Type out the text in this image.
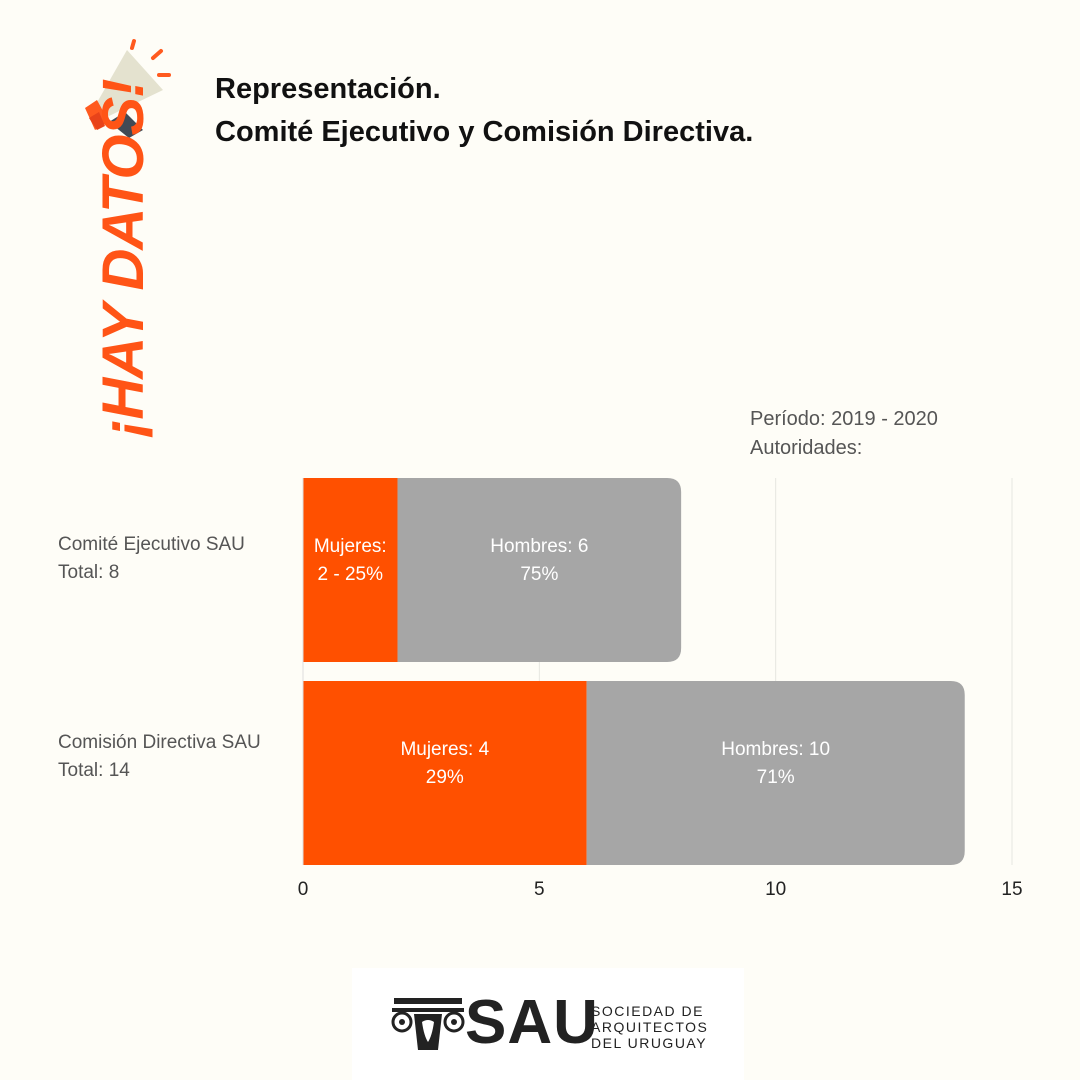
Representación.
Comité Ejecutivo y Comisión Directiva.
¡HAY DATOS!	Período: 2019 - 2020
Autoridades:
Comité Ejecutivo SAU
Total: 8
Comisión Directiva SAU
Total: 14
0	5	10	15
Mujeres:
2 - 25%
Hombres: 6
75%
Mujeres: 4
29%
Hombres: 10
71%
SAU
SOCIEDAD DE
ARQUITECTOS
DEL URUGUAY
